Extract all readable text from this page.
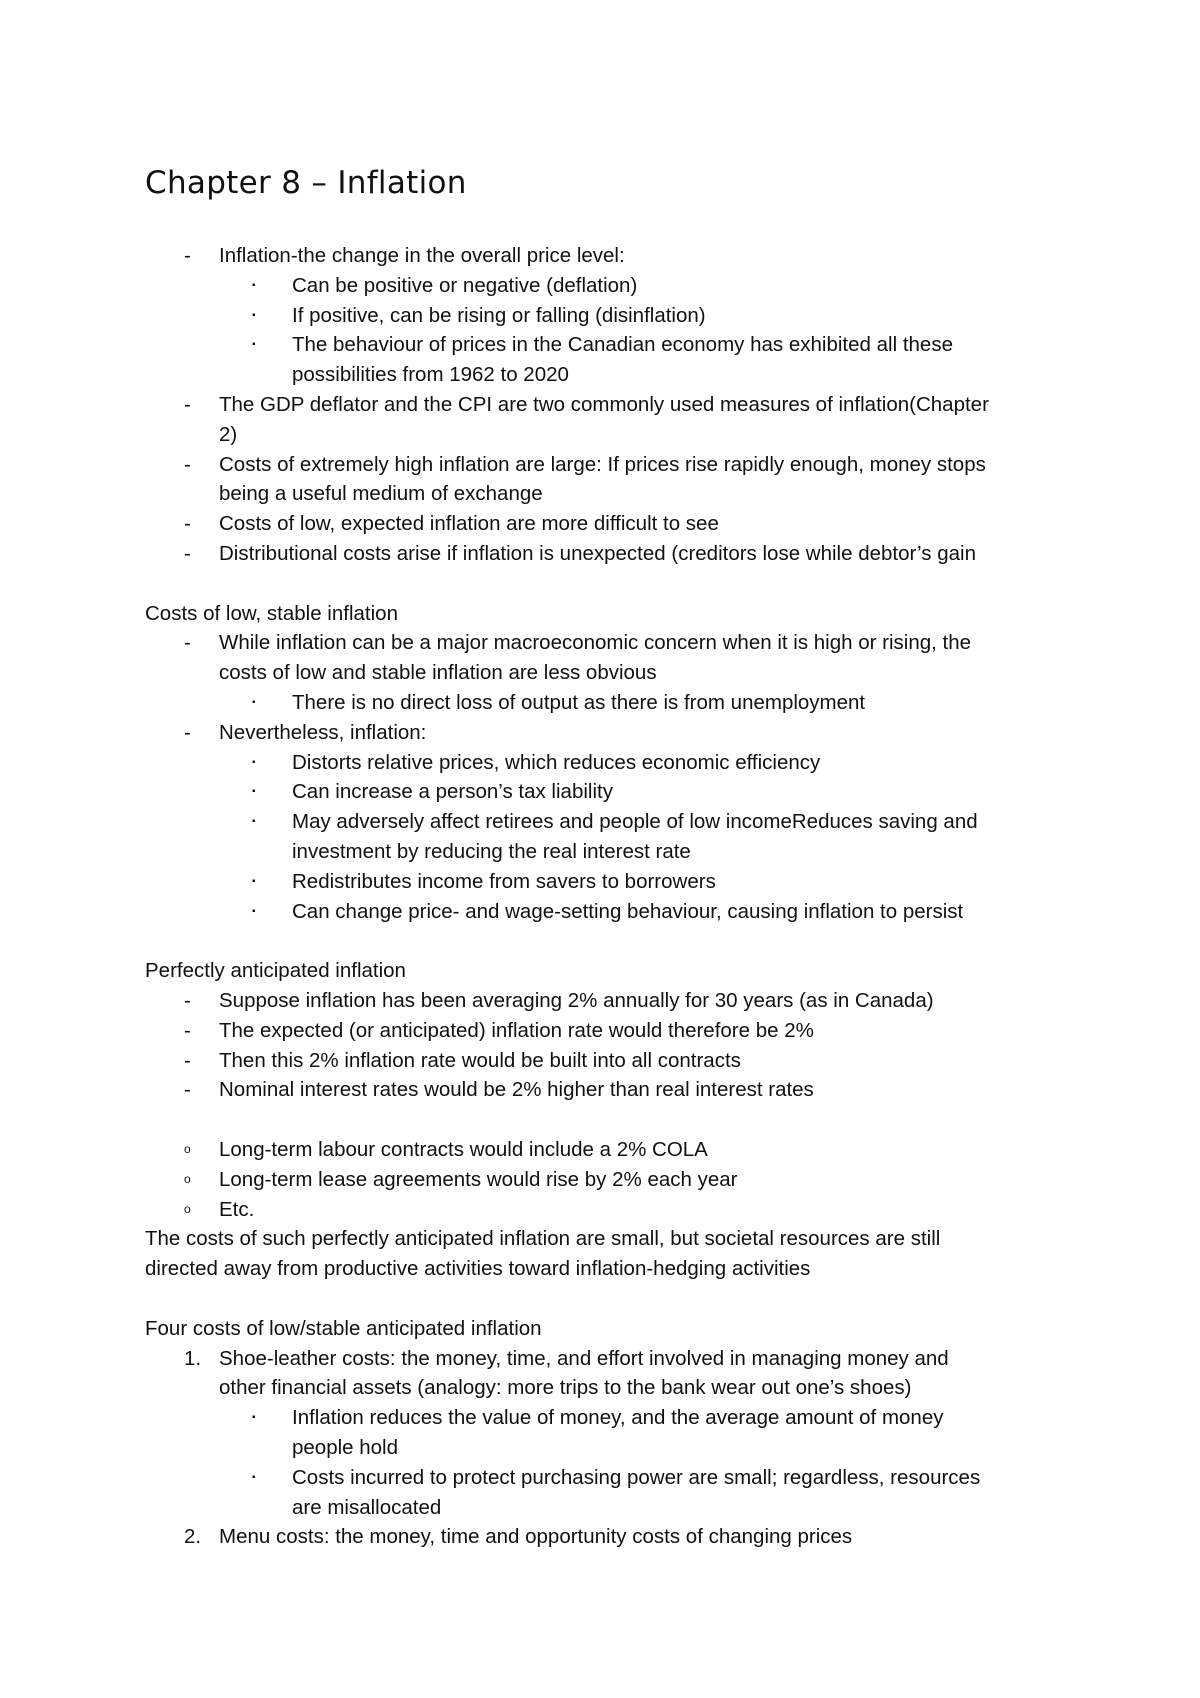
Chapter 8 – Inflation
- Inflation-the change in the overall price level:
▪ Can be positive or negative (deflation)
▪ If positive, can be rising or falling (disinflation)
▪ The behaviour of prices in the Canadian economy has exhibited all these
possibilities from 1962 to 2020
- The GDP deflator and the CPI are two commonly used measures of inflation(Chapter
2)
- Costs of extremely high inflation are large: If prices rise rapidly enough, money stops
being a useful medium of exchange
- Costs of low, expected inflation are more difficult to see
- Distributional costs arise if inflation is unexpected (creditors lose while debtor’s gain
Costs of low, stable inflation
- While inflation can be a major macroeconomic concern when it is high or rising, the
costs of low and stable inflation are less obvious
▪ There is no direct loss of output as there is from unemployment
- Nevertheless, inflation:
▪ Distorts relative prices, which reduces economic efficiency
▪ Can increase a person’s tax liability
▪ May adversely affect retirees and people of low incomeReduces saving and
investment by reducing the real interest rate
▪ Redistributes income from savers to borrowers
▪ Can change price- and wage-setting behaviour, causing inflation to persist
Perfectly anticipated inflation
- Suppose inflation has been averaging 2% annually for 30 years (as in Canada)
- The expected (or anticipated) inflation rate would therefore be 2%
- Then this 2% inflation rate would be built into all contracts
- Nominal interest rates would be 2% higher than real interest rates
o Long-term labour contracts would include a 2% COLA
o Long-term lease agreements would rise by 2% each year
o Etc.
The costs of such perfectly anticipated inflation are small, but societal resources are still
directed away from productive activities toward inflation-hedging activities
Four costs of low/stable anticipated inflation
1. Shoe-leather costs: the money, time, and effort involved in managing money and
other financial assets (analogy: more trips to the bank wear out one’s shoes)
▪ Inflation reduces the value of money, and the average amount of money
people hold
▪ Costs incurred to protect purchasing power are small; regardless, resources
are misallocated
2. Menu costs: the money, time and opportunity costs of changing prices
